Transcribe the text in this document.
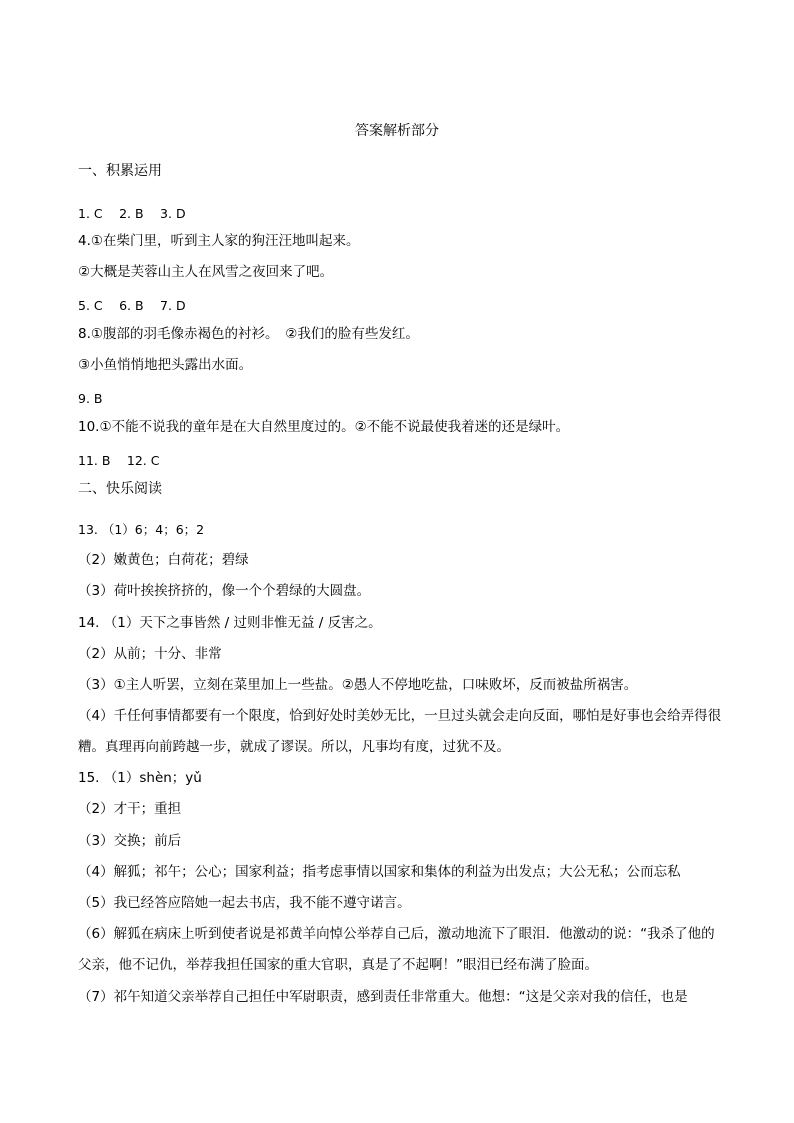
答案解析部分
一、积累运用
1. C　 2. B　 3. D
4.①在柴门里，听到主人家的狗汪汪地叫起来。
②大概是芙蓉山主人在风雪之夜回来了吧。
5. C　 6. B　 7. D
8.①腹部的羽毛像赤褐色的衬衫。　②我们的脸有些发红。
③小鱼悄悄地把头露出水面。
9. B
10.①不能不说我的童年是在大自然里度过的。②不能不说最使我着迷的还是绿叶。
11. B　 12. C
二、快乐阅读
13. （1）6；4；6；2
（2）嫩黄色；白荷花；碧绿
（3）荷叶挨挨挤挤的，像一个个碧绿的大圆盘。
14. （1）天下之事皆然 / 过则非惟无益 / 反害之。
（2）从前；十分、非常
（3）①主人听罢，立刻在菜里加上一些盐。②愚人不停地吃盐，口味败坏，反而被盐所祸害。
（4）千任何事情都要有一个限度，恰到好处时美妙无比，一旦过头就会走向反面，哪怕是好事也会给弄得很糟。真理再向前跨越一步，就成了谬误。所以，凡事均有度，过犹不及。
15. （1）shèn；yǔ
（2）才干；重担
（3）交换；前后
（4）解狐；祁午；公心；国家利益；指考虑事情以国家和集体的利益为出发点；大公无私；公而忘私
（5）我已经答应陪她一起去书店，我不能不遵守诺言。
（6）解狐在病床上听到使者说是祁黄羊向悼公举荐自己后，激动地流下了眼泪．他激动的说：“我杀了他的父亲，他不记仇，举荐我担任国家的重大官职，真是了不起啊！”眼泪已经布满了脸面。
（7）祁午知道父亲举荐自己担任中军尉职责，感到责任非常重大。他想：“这是父亲对我的信任，也是
